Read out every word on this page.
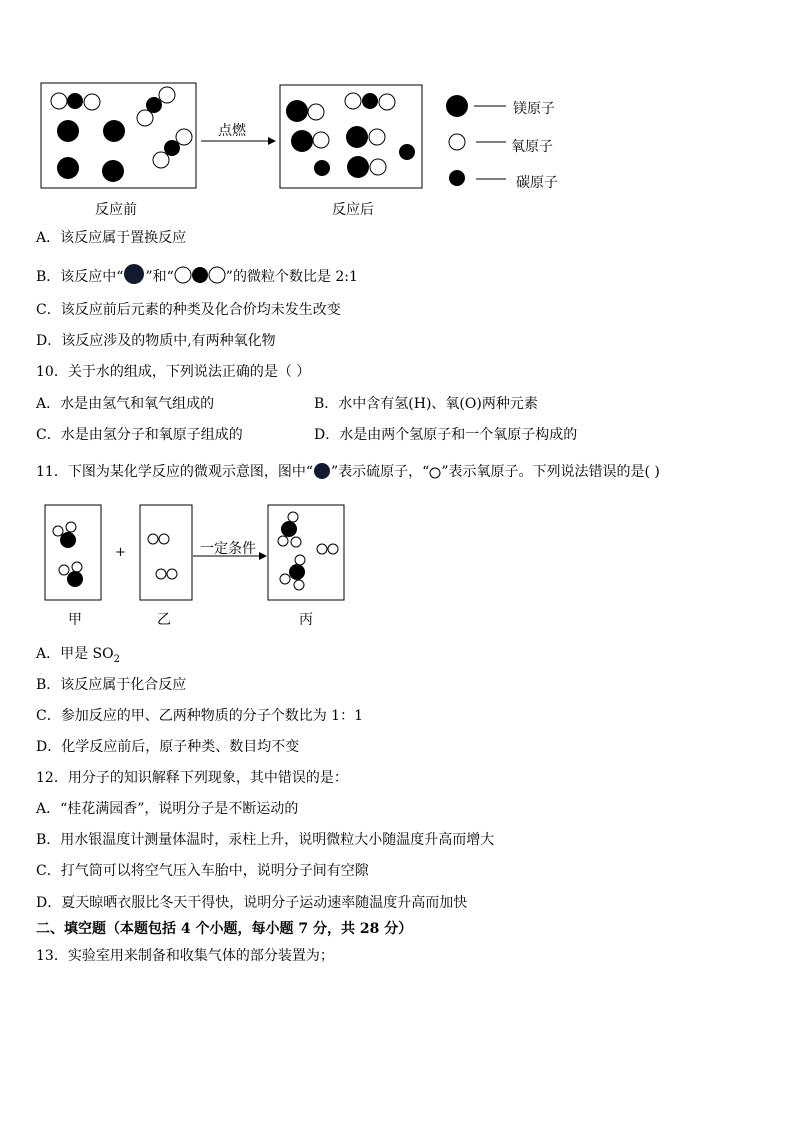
点燃
反应前	反应后
镁原子
氧原子
碳原子
A．该反应属于置换反应
B．该反应中“ ”和“	”的微粒个数比是 2:1
C．该反应前后元素的种类及化合价均未发生改变
D．该反应涉及的物质中,有两种氧化物
10．关于水的组成，下列说法正确的是（ ）
A．水是由氢气和氧气组成的	B．水中含有氢(H)、氧(O)两种元素
C．水是由氢分子和氧原子组成的	D．水是由两个氢原子和一个氧原子构成的
11．下图为某化学反应的微观示意图，图中“ ”表示硫原子，“ ”表示氧原子。下列说法错误的是( )
+	一定条件
甲	乙	丙
A．甲是 $SO_2$
B．该反应属于化合反应
C．参加反应的甲、乙两种物质的分子个数比为 1：1
D．化学反应前后，原子种类、数目均不变
12．用分子的知识解释下列现象，其中错误的是：
A．“桂花满园香”，说明分子是不断运动的
B．用水银温度计测量体温时，汞柱上升，说明微粒大小随温度升高而增大
C．打气筒可以将空气压入车胎中，说明分子间有空隙
D．夏天晾晒衣服比冬天干得快，说明分子运动速率随温度升高而加快
二、填空题（本题包括 4 个小题，每小题 7 分，共 28 分）
13．实验室用来制备和收集气体的部分装置为；
